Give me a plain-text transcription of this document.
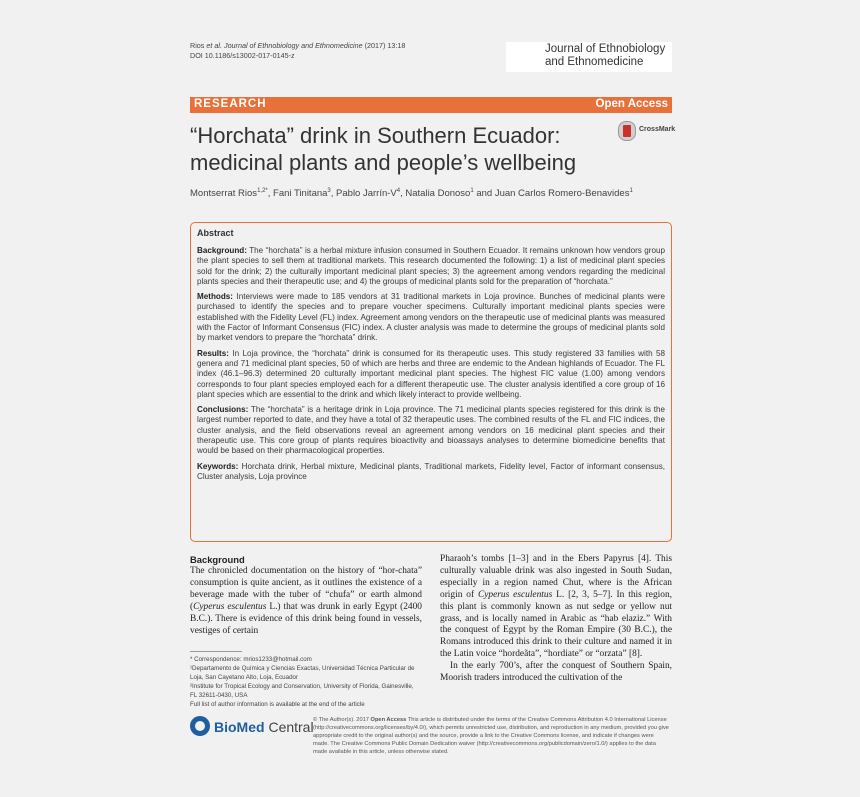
Rios et al. Journal of Ethnobiology and Ethnomedicine (2017) 13:18
DOI 10.1186/s13002-017-0145-z
Journal of Ethnobiology
and Ethnomedicine
RESEARCH	Open Access
“Horchata” drink in Southern Ecuador:
medicinal plants and people’s wellbeing
CrossMark
Montserrat Rios$^{1,2*}$, Fani Tinitana$^3$, Pablo Jarrín-$V^4$, Natalia Donoso$^1$ and Juan Carlos Romero-Benavides$^1$
Abstract
Background: The “horchata” is a herbal mixture infusion consumed in Southern Ecuador. It remains unknown how vendors group the plant species to sell them at traditional markets. This research documented the following: 1) a list of medicinal plant species sold for the drink; 2) the culturally important medicinal plant species; 3) the agreement among vendors regarding the medicinal plants species and their therapeutic use; and 4) the groups of medicinal plants sold for the preparation of “horchata.”
Methods: Interviews were made to 185 vendors at 31 traditional markets in Loja province. Bunches of medicinal plants were purchased to identify the species and to prepare voucher specimens. Culturally important medicinal plants species were established with the Fidelity Level (FL) index. Agreement among vendors on the therapeutic use of medicinal plants was measured with the Factor of Informant Consensus (FIC) index. A cluster analysis was made to determine the groups of medicinal plants sold by market vendors to prepare the “horchata” drink.
Results: In Loja province, the “horchata” drink is consumed for its therapeutic uses. This study registered 33 families with 58 genera and 71 medicinal plant species, 50 of which are herbs and three are endemic to the Andean highlands of Ecuador. The FL index (46.1–96.3) determined 20 culturally important medicinal plant species. The highest FIC value (1.00) among vendors corresponds to four plant species employed each for a different therapeutic use. The cluster analysis identified a core group of 16 plant species which are essential to the drink and which likely interact to provide wellbeing.
Conclusions: The “horchata” is a heritage drink in Loja province. The 71 medicinal plants species registered for this drink is the largest number reported to date, and they have a total of 32 therapeutic uses. The combined results of the FL and FIC indices, the cluster analysis, and the field observations reveal an agreement among vendors on 16 medicinal plant species and their therapeutic use. This core group of plants requires bioactivity and bioassays analyses to determine biomedicine benefits that would be based on their pharmacological properties.
Keywords: Horchata drink, Herbal mixture, Medicinal plants, Traditional markets, Fidelity level, Factor of informant consensus, Cluster analysis, Loja province
Background
The chronicled documentation on the history of “hor-chata” consumption is quite ancient, as it outlines the existence of a beverage made with the tuber of “chufa” or earth almond (Cyperus esculentus L.) that was drunk in early Egypt (2400 B.C.). There is evidence of this drink being found in vessels, vestiges of certain

Pharaoh’s tombs [1–3] and in the Ebers Papyrus [4]. This culturally valuable drink was also ingested in South Sudan, especially in a region named Chut, where is the African origin of Cyperus esculentus L. [2, 3, 5–7]. In this region, this plant is commonly known as nut sedge or yellow nut grass, and is locally named in Arabic as “hab elaziz.” With the conquest of Egypt by the Roman Empire (30 B.C.), the Romans introduced this drink to their culture and named it in the Latin voice “hordeãta”, “hordiate” or “orzata” [8].

In the early 700’s, after the conquest of Southern Spain, Moorish traders introduced the cultivation of the

* Correspondence: mrios1233@hotmail.com
¹Departamento de Química y Ciencias Exactas, Universidad Técnica Particular de Loja, San Cayetano Alto, Loja, Ecuador
²Institute for Tropical Ecology and Conservation, University of Florida, Gainesville, FL 32611-0430, USA
Full list of author information is available at the end of the article
BioMed Central © The Author(s). 2017 Open Access This article is distributed under the terms of the Creative Commons Attribution 4.0 International License (http://creativecommons.org/licenses/by/4.0/), which permits unrestricted use, distribution, and reproduction in any medium, provided you give appropriate credit to the original author(s) and the source, provide a link to the Creative Commons license, and indicate if changes were made. The Creative Commons Public Domain Dedication waiver (http://creativecommons.org/publicdomain/zero/1.0/) applies to the data made available in this article, unless otherwise stated.
